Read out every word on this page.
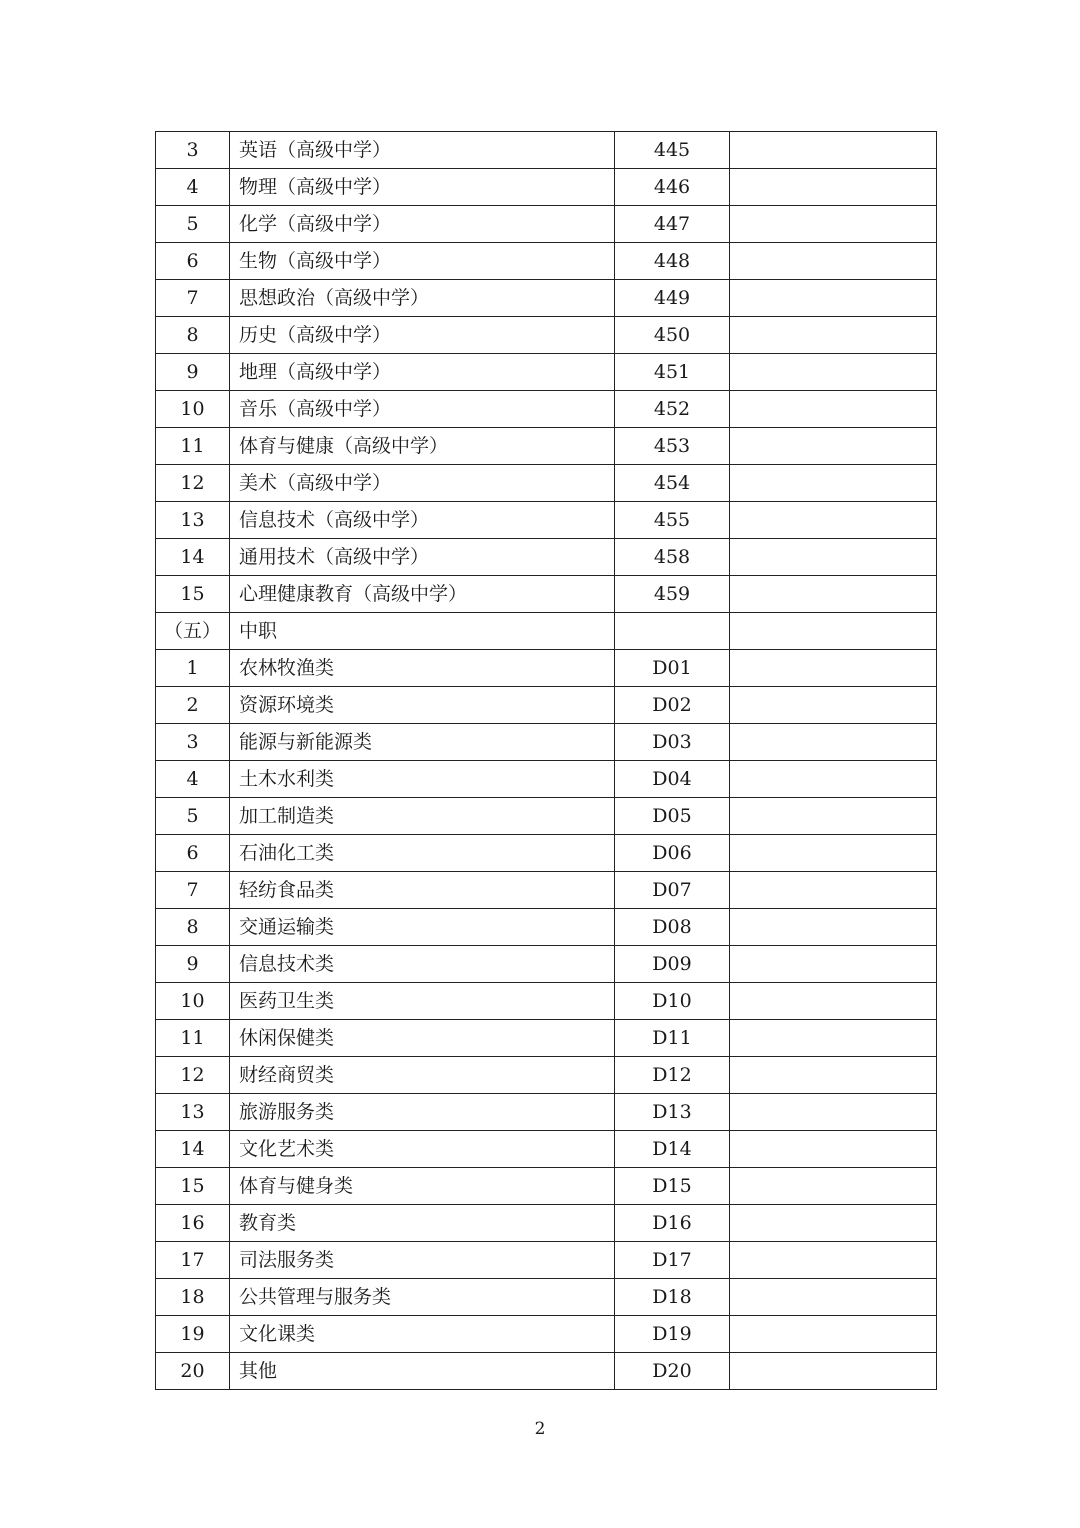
3	英语（高级中学）	445	
4	物理（高级中学）	446	
5	化学（高级中学）	447	
6	生物（高级中学）	448	
7	思想政治（高级中学）	449	
8	历史（高级中学）	450	
9	地理（高级中学）	451	
10	音乐（高级中学）	452	
11	体育与健康（高级中学）	453	
12	美术（高级中学）	454	
13	信息技术（高级中学）	455	
14	通用技术（高级中学）	458	
15	心理健康教育（高级中学）	459	
（五）	中职		
1	农林牧渔类	D01	
2	资源环境类	D02	
3	能源与新能源类	D03	
4	土木水利类	D04	
5	加工制造类	D05	
6	石油化工类	D06	
7	轻纺食品类	D07	
8	交通运输类	D08	
9	信息技术类	D09	
10	医药卫生类	D10	
11	休闲保健类	D11	
12	财经商贸类	D12	
13	旅游服务类	D13	
14	文化艺术类	D14	
15	体育与健身类	D15	
16	教育类	D16	
17	司法服务类	D17	
18	公共管理与服务类	D18	
19	文化课类	D19	
20	其他	D20	
2
